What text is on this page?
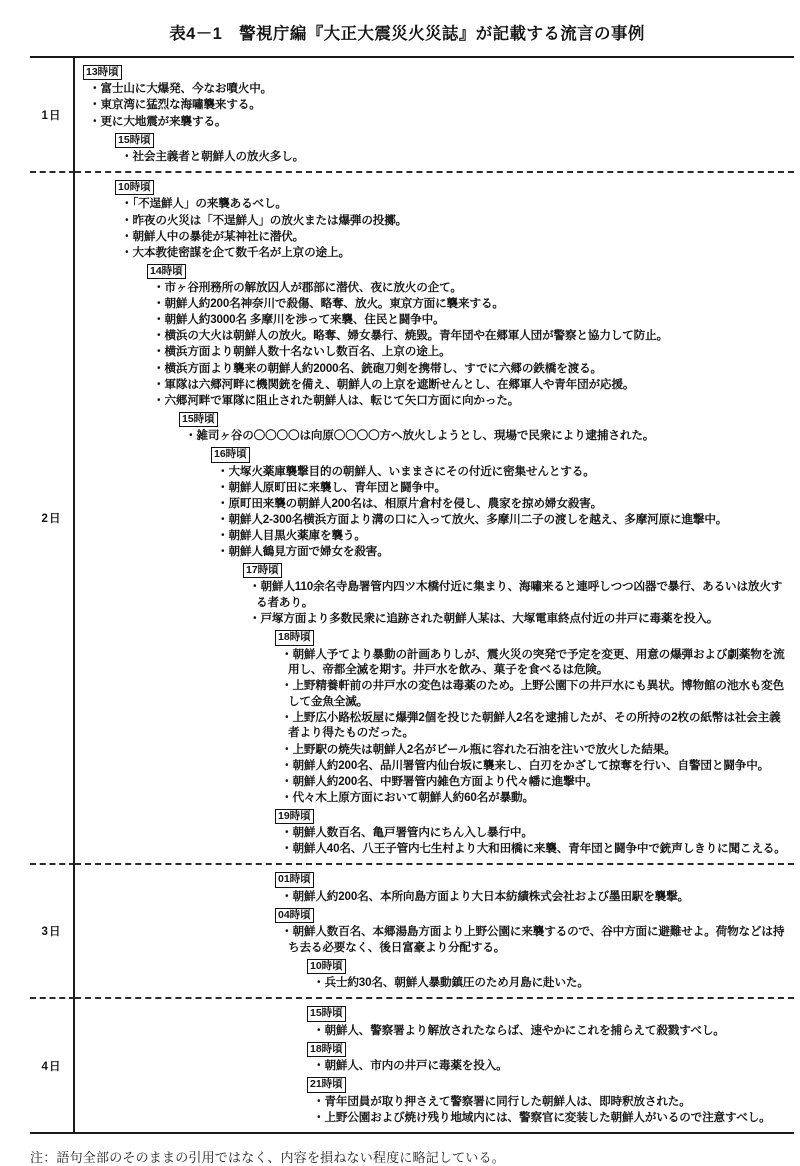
表4－1　警視庁編『大正大震災火災誌』が記載する流言の事例
1日
13時頃
・ 富士山に大爆発、今なお噴火中。
・ 東京湾に猛烈な海嘯襲来する。
・ 更に大地震が来襲する。
15時頃
・ 社会主義者と朝鮮人の放火多し。
2日
10時頃
・ 「不逞鮮人」の来襲あるべし。
・ 昨夜の火災は「不逞鮮人」の放火または爆弾の投擲。
・ 朝鮮人中の暴徒が某神社に潜伏。
・ 大本教徒密謀を企て数千名が上京の途上。
14時頃
・ 市ヶ谷刑務所の解放囚人が郡部に潜伏、夜に放火の企て。
・ 朝鮮人約200名神奈川で殺傷、略奪、放火。東京方面に襲来する。
・ 朝鮮人約3000名 多摩川を渉って来襲、住民と闘争中。
・ 横浜の大火は朝鮮人の放火。略奪、婦女暴行、焼毀。青年団や在郷軍人団が警察と協力して防止。
・ 横浜方面より朝鮮人数十名ないし数百名、上京の途上。
・ 横浜方面より襲来の朝鮮人約2000名、銃砲刀剣を携帯し、すでに六郷の鉄橋を渡る。
・ 軍隊は六郷河畔に機関銃を備え、朝鮮人の上京を遮断せんとし、在郷軍人や青年団が応援。
・ 六郷河畔で軍隊に阻止された朝鮮人は、転じて矢口方面に向かった。
15時頃
・ 雑司ヶ谷の〇〇〇〇は向原〇〇〇〇方へ放火しようとし、現場で民衆により逮捕された。
16時頃
・ 大塚火薬庫襲撃目的の朝鮮人、いままさにその付近に密集せんとする。
・ 朝鮮人原町田に来襲し、青年団と闘争中。
・ 原町田来襲の朝鮮人200名は、相原片倉村を侵し、農家を掠め婦女殺害。
・ 朝鮮人2-300名横浜方面より溝の口に入って放火、多摩川二子の渡しを越え、多摩河原に進撃中。
・ 朝鮮人目黒火薬庫を襲う。
・ 朝鮮人鶴見方面で婦女を殺害。
17時頃
・ 朝鮮人110余名寺島署管内四ツ木橋付近に集まり、海嘯来ると連呼しつつ凶器で暴行、あるいは放火する者あり。
・ 戸塚方面より多数民衆に追跡された朝鮮人某は、大塚電車終点付近の井戸に毒薬を投入。
18時頃
・ 朝鮮人予てより暴動の計画ありしが、震火災の突発で予定を変更、用意の爆弾および劇薬物を流用し、帝都全滅を期す。井戸水を飲み、菓子を食べるは危険。
・ 上野精養軒前の井戸水の変色は毒薬のため。上野公園下の井戸水にも異状。博物館の池水も変色して金魚全滅。
・ 上野広小路松坂屋に爆弾2個を投じた朝鮮人2名を逮捕したが、その所持の2枚の紙幣は社会主義者より得たものだった。
・ 上野駅の焼失は朝鮮人2名がビール瓶に容れた石油を注いで放火した結果。
・ 朝鮮人約200名、品川署管内仙台坂に襲来し、白刃をかざして掠奪を行い、自警団と闘争中。
・ 朝鮮人約200名、中野署管内雑色方面より代々幡に進撃中。
・ 代々木上原方面において朝鮮人約60名が暴動。
19時頃
・ 朝鮮人数百名、亀戸署管内にちん入し暴行中。
・ 朝鮮人40名、八王子管内七生村より大和田橋に来襲、青年団と闘争中で銃声しきりに聞こえる。
3日
01時頃
・ 朝鮮人約200名、本所向島方面より大日本紡績株式会社および墨田駅を襲撃。
04時頃
・ 朝鮮人数百名、本郷湯島方面より上野公園に来襲するので、谷中方面に避難せよ。荷物などは持ち去る必要なく、後日富豪より分配する。
10時頃
・ 兵士約30名、朝鮮人暴動鎮圧のため月島に赴いた。
4日
15時頃
・ 朝鮮人、警察署より解放されたならば、速やかにこれを捕らえて殺戮すべし。
18時頃
・ 朝鮮人、市内の井戸に毒薬を投入。
21時頃
・ 青年団員が取り押さえて警察署に同行した朝鮮人は、即時釈放された。
・ 上野公園および焼け残り地域内には、警察官に変装した朝鮮人がいるので注意すべし。
注：語句全部のそのままの引用ではなく、内容を損ねない程度に略記している。
